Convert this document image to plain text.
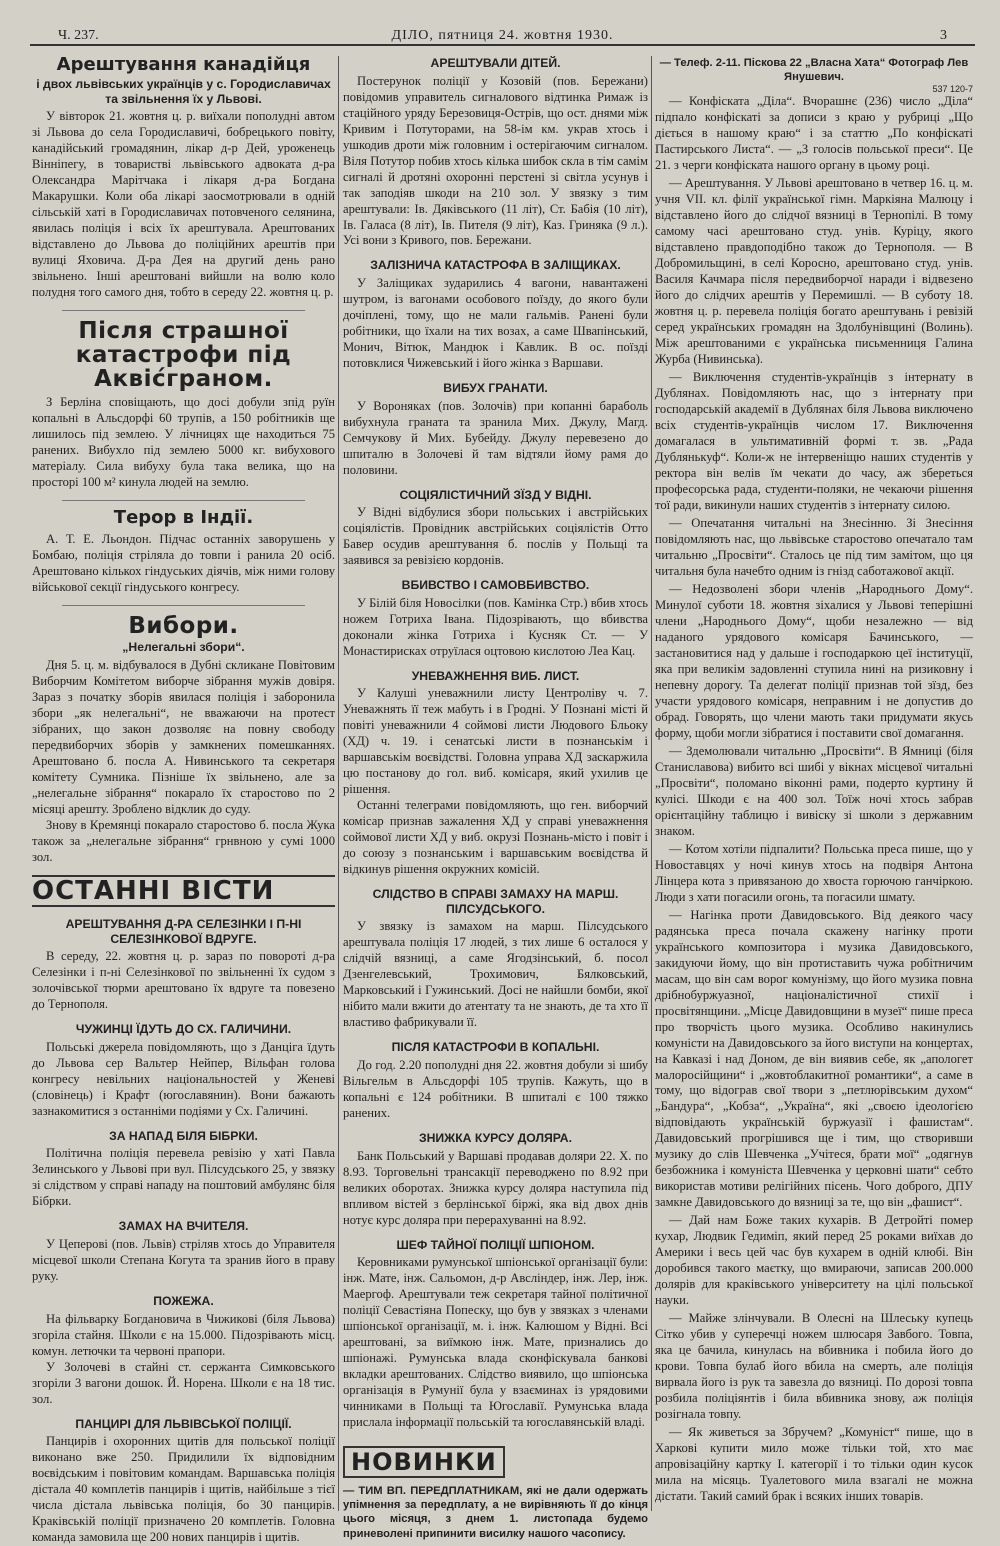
Ч. 237.	ДІЛО, пятниця 24. жовтня 1930.	3
Арештування канадійця
і двох львівських українців у с. Городиславичах та звільнення їх у Львові.

У вівторок 21. жовтня ц. р. виїхали пополудні автом зі Львова до села Городиславичі, бобрецького повіту, канадійський громадянин, лікар д-р Дей, уроженець Вінніпегу, в товаристві львівського адвоката д-ра Олександра Марітчака і лікаря д-ра Богдана Макарушки. Коли оба лікарі заосмотрювали в одній сільській хаті в Городиславичах потовченого селянина, явилась поліція і всіх їх арештувала. Арештованих відставлено до Львова до поліційних арештів при вулиці Яховича. Д-ра Дея на другий день рано звільнено. Інші арештовані вийшли на волю коло полудня того самого дня, тобто в середу 22. жовтня ц. р.

Після страшної катастрофи під Аквіс́граном.

З Берліна сповіщають, що досі добули зпід руїн копальні в Альсдорфі 60 трупів, а 150 робітників ще лишилось під землею. У лічницях ще находиться 75 ранених. Вибухло під землею 5000 кг. вибухового матеріалу. Сила вибуху була така велика, що на просторі 100 м² кинула людей на землю.

Терор в Індії.

А. Т. Е. Льондон. Підчас останніх заворушень у Бомбаю, поліція стріляла до товпи і ранила 20 осіб. Арештовано кількох гіндуських діячів, між ними голову військової секції гіндуського конгресу.

Вибори.
„Нелегальні збори“.

Дня 5. ц. м. відбувалося в Дубні скликане Повітовим Виборчим Комітетом виборче зібрання мужів довіря. Зараз з початку зборів явилася поліція і заборонила збори „як нелегальні“, не вважаючи на протест зібраних, що закон дозволяє на повну свободу передвиборчих зборів у замкнених помешканнях. Арештовано б. посла А. Нивинського та секретаря комітету Сумника. Пізніше їх звільнено, але за „нелегальне зібрання“ покарало їх старостово по 2 місяці арешту. Зроблено відклик до суду.

Знову в Кремянці покарало старостово б. посла Жука також за „нелегальне зібрання“ грнвною у сумі 1000 зол.

ОСТАННІ ВІСТИ
АРЕШТУВАННЯ Д-РА СЕЛЕЗІНКИ І П-НІ СЕЛЕЗІНКОВОЇ ВДРУГЕ.

В середу, 22. жовтня ц. р. зараз по повороті д-ра Селезінки і п-ні Селезінкової по звільненні їх судом з золочівської тюрми арештовано їх вдруге та повезено до Тернополя.

ЧУЖИНЦІ ЇДУТЬ ДО СХ. ГАЛИЧИНИ.

Польські джерела повідомляють, що з Данціга їдуть до Львова сер Вальтер Нейпер, Вільфан голова конгресу невільних національностей у Женеві (словінець) і Крафт (югославянин). Вони бажають зазнакомитися з останніми подіями у Сх. Галичині.

ЗА НАПАД БІЛЯ БІБРКИ.

Політична поліція перевела ревізію у хаті Павла Зелинського у Львові при вул. Пілсудського 25, у звязку зі слідством у справі нападу на поштовий амбулянс біля Бібрки.

ЗАМАХ НА ВЧИТЕЛЯ.

У Цеперові (пов. Львів) стріляв хтось до Управителя місцевої школи Степана Когута та зранив його в праву руку.

ПОЖЕЖА.

На фільварку Богдановича в Чижикові (біля Львова) згоріла стайня. Школи є на 15.000. Підозрівають місц. комун. летючки та червоні прапори.

У Золочеві в стайні ст. сержанта Симковського згоріли 3 вагони дошок. Й. Норена. Школи є на 18 тис. зол.

ПАНЦИРІ ДЛЯ ЛЬВІВСЬКОЇ ПОЛІЦІЇ.

Панцирів і охоронних щитів для польської поліції виконано вже 250. Придилили їх відповідним воєвідським і повітовим командам. Варшавська поліція дістала 40 комплетів панцирів і щитів, найбільше з тієї числа дістала львівська поліція, бо 30 панцирів. Краківській поліції призначено 20 комплетів. Головна команда замовила ще 200 нових панцирів і щитів.

АРЕШТУВАЛИ ДІТЕЙ.

Постерунок поліції у Козовій (пов. Бережани) повідомив управитель сигналового відтинка Римаж із стаційного уряду Березовиця-Острів, що ост. днями між Кривим і Потуторами, на 58-ім км. укрaв хтось і ушкодив дроти між головним і остерігаючим сигналом. Віля Потутор побив хтось кілька шибок скла в тім самім сигналі й дротяні охоронні перстені зі світла усунув і так заподіяв шкоди на 210 зол. У звязку з тим арештували: Ів. Дяківського (11 літ), Ст. Бабія (10 літ), Ів. Галаса (8 літ), Ів. Пителя (9 літ), Каз. Гриняка (9 л.). Усі вони з Кривого, пов. Бережани.

ЗАЛІЗНИЧА КАТАСТРОФА В ЗАЛІЩИКАХ.

У Заліщиках зударились 4 вагони, навантажені шутром, із вагонами особового поїзду, до якого були дочіплені, тому, що не мали гальмів. Ранені були робітники, що їхали на тих возах, а саме Швапінський, Монич, Вітюк, Мандюк і Кавлик. В ос. поїзді потовклися Чижевський і його жінка з Варшави.

ВИБУХ ГРАНАТИ.

У Вороняках (пов. Золочів) при копанні бараболь вибухнула граната та зранила Мих. Джулу, Магд. Семчукову й Мих. Бубейду. Джулу перевезено до шпиталю в Золочеві й там відтяли йому рамя до половини.

СОЦІЯЛІСТИЧНИЙ ЗЇЗД У ВІДНІ.

У Відні відбулися збори польських і австрійських соціялістів. Провідник австрійських соціялістів Отто Бавер осудив арештування б. послів у Польщі та заявився за ревізією кордонів.

ВБИВСТВО І САМОВБИВСТВО.

У Білій біля Новосілки (пов. Камінка Стр.) вбив хтось ножем Готриха Івана. Підозрівають, що вбивства доконали жінка Готриха і Кусняк Ст. — У Монастирисках отруїлася оцтовою кислотою Леа Кац.

УНЕВАЖНЕННЯ ВИБ. ЛИСТ.

У Калуші уневажнили листу Центроліву ч. 7. Уневажнять її теж мабуть і в Гродні. У Познані місті й повіті уневажнили 4 соймові листи Людового Бльоку (ХД) ч. 19. і сенатські листи в познанськім і варшавськім воєвідстві. Головна управа ХД заскаржила цю постанову до гол. виб. комісаря, який ухилив це рішення.

Останні телеграми повідомляють, що ген. виборчий комісар признав зажалення ХД у справі уневажнення соймової листи ХД у виб. окрузі Познань-місто і повіт і до союзу з познанським і варшавським воєвідства й відкинув рішення окружних комісій.

СЛІДСТВО В СПРАВІ ЗАМАХУ НА МАРШ. ПІЛСУДСЬКОГО.

У звязку із замахом на марш. Пілсудського арештувала поліція 17 людей, з тих лише 6 осталося у слідчій вязниці, а саме Ягодзінський, б. посол Дзенгелевський, Трохимович, Бялковський, Марковський і Гужинський. Досі не найшли бомби, якої нібито мали вжити до атентату та не знають, де та хто її властиво фабрикували її.

ПІСЛЯ КАТАСТРОФИ В КОПАЛЬНІ.

До год. 2.20 пополудні дня 22. жовтня добули зі шибу Вільгельм в Альсдорфі 105 трупів. Кажуть, що в копальні є 124 робітники. В шпиталі є 100 тяжко ранених.

ЗНИЖКА КУРСУ ДОЛЯРА.

Банк Польський у Варшаві продавав доляри 22. Х. по 8.93. Торговельні трансакції переводжено по 8.92 при великих оборотах. Знижка курсу доляра наступила під впливом вістей з берлінської біржі, яка від двох днів нотує курс доляра при перерахуванні на 8.92.

ШЕФ ТАЙНОЇ ПОЛІЦІЇ ШПІОНОМ.

Керовниками румунської шпіонської організації були: інж. Мате, інж. Сальомон, д-р Авсліндер, інж. Лер, інж. Маергоф. Арештували теж секретаря тайної політичної поліції Севастіяна Попеску, що був у звязках з членами шпіонської організації, м. і. інж. Калюшом у Відні. Всі арештовані, за виїмкою інж. Мате, признались до шпіонажі. Румунська влада сконфіскувала банкові вкладки арештованих. Слідство виявило, що шпіонська організація в Румунії була у взаєминах із урядовими чинниками в Польщі та Югославії. Румунська влада прислала інформації польській та югославянській владі.

НОВИНКИ

— ТИМ ВП. ПЕРЕДПЛАТНИКАМ, які не дали одержать упімнення за передплату, а не вирівняють її до кінця цього місяця, з днем 1. листопада будемо приневолені припинити висилку нашого часопису.

— Телеф. 2-11. Піскова 22 „Власна Хата“ Фотограф Лев Янушевич.

537 120-7

— Конфіската „Діла“. Вчорашнє (236) число „Діла“ підпало конфіскаті за дописи з краю у рубриці „Що діється в нашому краю“ і за статтю „По конфіскаті Пастирського Листа“. — „З голосів польської преси“. Це 21. з черги конфіската нашого органу в цьому році.

— Арештування. У Львові арештовано в четвер 16. ц. м. учня VII. кл. філії української гімн. Маркіяна Малюцу і відставлено його до слідчої вязниці в Тернопілі. В тому самому часі арештовано студ. унів. Куріцу, якого відставлено правдоподібно також до Тернополя. — В Добромильщині, в селі Коросно, арештовано студ. унів. Василя Качмара після передвиборчої наради і відвезено його до слідчих арештів у Перемишлі. — В суботу 18. жовтня ц. р. перевела поліція богато арештувань і ревізій серед українських громадян на Здолбунівщині (Волинь). Між арештованими є українська письменниця Галина Журба (Нивинська).

— Виключення студентів-українців з інтернату в Дублянах. Повідомляють нас, що з інтернату при господарській академії в Дублянах біля Львова виключено всіх студентів-українців числом 17. Виключення домагалася в ультимативній формі т. зв. „Рада Дублянькуф“. Коли-ж не інтервеніщю наших студентів у ректора він велів їм чекати до часу, аж збереться професорська рада, студенти-поляки, не чекаючи рішення тої ради, викинули наших студентів з інтернату силою.

— Опечатання читальні на Знесінню. Зі Знесіння повідомляють нас, що львівське старостово опечатало там читальню „Просвіти“. Сталось це під тим замітом, що ця читальня була начебто одним із гнізд саботажової акції.

— Недозволені збори членів „Народнього Дому“. Минулої суботи 18. жовтня зіхалися у Львові теперішні члени „Народнього Дому“, щоби незалежно — від наданого урядового комісаря Бачинського, — застановитися над у дальше і господаркою цеї інституції, яка при великім задовленні ступила нині на ризиковну і непевну дорогу. Та делегат поліції признав той зїзд, без участи урядового комісаря, неправним і не допустив до обрад. Говорять, що члени мають таки придумати якусь форму, щоби могли зібратися і поставити свої домагання.

— Здемолювали читальню „Просвіти“. В Ямниці (біля Станиславова) вибито всі шибі у вікнах місцевої читальні „Просвіти“, поломано віконні рами, подерто куртину й кулісі. Шкоди є на 400 зол. Тоїж ночі хтось забрав орієнтаційну таблицю і вивіску зі школи з державним знаком.

— Котом хотіли підпалити? Польська преса пише, що у Новоставцях у ночі кинув хтось на подвіря Антона Лінцера кота з привязаною до хвоста горючою ганчіркою. Люди з хати погасили огонь, та погасили шмату.

— Нагінка проти Давидовського. Від деякого часу радянська преса почала скажену нагінку проти українського композитора і музика Давидовського, закидуючи йому, що він протиставить чужа робітничим масам, що він сам ворог комунізму, що його музика повна дрібнобуржуазної, націоналістичної стихії і просвітянщини. „Місце Давидовщини в музеї“ пише преса про творчість цього музика. Особливо накинулись комуністи на Давидовського за його виступи на концертах, на Кавказі і над Доном, де він виявив себе, як „апологет малоросійщини“ і „жовтоблакитної романтики“, а саме в тому, що відограв свої твори з „петлюрівським духом“ „Бандура“, „Кобза“, „Україна“, які „своєю ідеологією відповідають українській буржуазії і фашистам“. Давидовський прогрішився ще і тим, що створивши музику до слів Шевченка „Учітеся, брати мої“ „одягнув безбожника і комуніста Шевченка у церковні шати“ себто використав мотиви релігійних пісень. Чого доброго, ДПУ замкне Давидовського до вязниці за те, що він „фашист“.

— Дай нам Боже таких кухарів. В Детройті помер кухар, Людвик Гедиміп, який перед 25 роками виїхав до Америки і весь цей час був кухарем в одній клюбі. Він доробився такого маєтку, що вмираючи, записав 200.000 долярів для краківського університету на цілі польської науки.

— Майже злінчували. В Олесні на Шлеську купець Сітко убив у суперечці ножем шлюсаря Завбого. Товпа, яка це бачила, кинулась на вбивника і побила його до крови. Товпа булаб його вбила на смерть, але поліція вирвала його із рук та завезла до вязниці. По дорозі товпа розбила поліціянтів і била вбивника знову, аж поліція розігнала товпу.

— Як живеться за Збручем? „Комуніст“ пише, що в Харкові купити мило може тільки той, хто має апровізаційну картку І. категорії і то тільки один кусок мила на місяць. Туалетового мила взагалі не можна дістати. Такий самий брак і всяких інших товарів.
